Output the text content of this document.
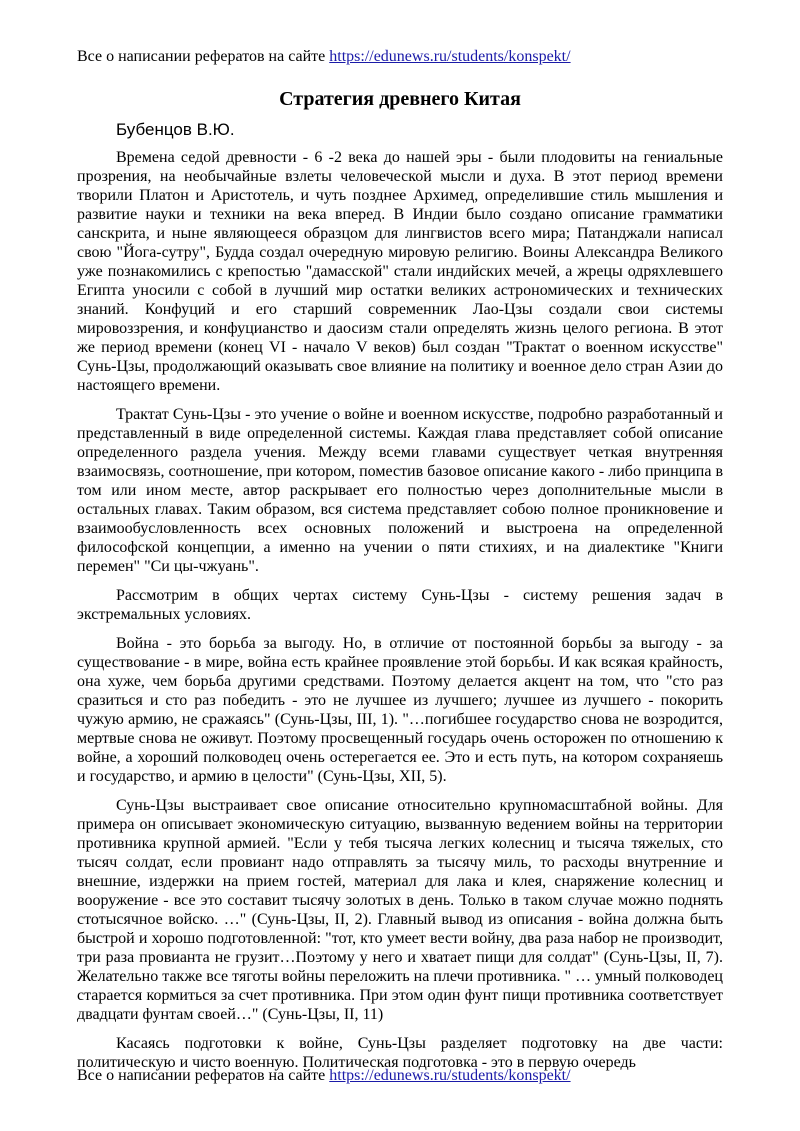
Все о написании рефератов на сайте https://edunews.ru/students/konspekt/
Стратегия древнего Китая
Бубенцов В.Ю.

Времена седой древности - 6 -2 века до нашей эры - были плодовиты на гениальные прозрения, на необычайные взлеты человеческой мысли и духа. В этот период времени творили Платон и Аристотель, и чуть позднее Архимед, определившие стиль мышления и развитие науки и техники на века вперед. В Индии было создано описание грамматики санскрита, и ныне являющееся образцом для лингвистов всего мира; Патанджали написал свою "Йога-сутру", Будда создал очередную мировую религию. Воины Александра Великого уже познакомились с крепостью "дамасской" стали индийских мечей, а жрецы одряхлевшего Египта уносили с собой в лучший мир остатки великих астрономических и технических знаний. Конфуций и его старший современник Лао-Цзы создали свои системы мировоззрения, и конфуцианство и даосизм стали определять жизнь целого региона. В этот же период времени (конец VI - начало V веков) был создан "Трактат о военном искусстве" Сунь-Цзы, продолжающий оказывать свое влияние на политику и военное дело стран Азии до настоящего времени.

Трактат Сунь-Цзы - это учение о войне и военном искусстве, подробно разработанный и представленный в виде определенной системы. Каждая глава представляет собой описание определенного раздела учения. Между всеми главами существует четкая внутренняя взаимосвязь, соотношение, при котором, поместив базовое описание какого - либо принципа в том или ином месте, автор раскрывает его полностью через дополнительные мысли в остальных главах. Таким образом, вся система представляет собою полное проникновение и взаимообусловленность всех основных положений и выстроена на определенной философской концепции, а именно на учении о пяти стихиях, и на диалектике "Книги перемен" "Си цы-чжуань".

Рассмотрим в общих чертах систему Сунь-Цзы - систему решения задач в экстремальных условиях.

Война - это борьба за выгоду. Но, в отличие от постоянной борьбы за выгоду - за существование - в мире, война есть крайнее проявление этой борьбы. И как всякая крайность, она хуже, чем борьба другими средствами. Поэтому делается акцент на том, что "сто раз сразиться и сто раз победить - это не лучшее из лучшего; лучшее из лучшего - покорить чужую армию, не сражаясь" (Сунь-Цзы, III, 1). "…погибшее государство снова не возродится, мертвые снова не оживут. Поэтому просвещенный государь очень осторожен по отношению к войне, а хороший полководец очень остерегается ее. Это и есть путь, на котором сохраняешь и государство, и армию в целости" (Сунь-Цзы, XII, 5).

Сунь-Цзы выстраивает свое описание относительно крупномасштабной войны. Для примера он описывает экономическую ситуацию, вызванную ведением войны на территории противника крупной армией. "Если у тебя тысяча легких колесниц и тысяча тяжелых, сто тысяч солдат, если провиант надо отправлять за тысячу миль, то расходы внутренние и внешние, издержки на прием гостей, материал для лака и клея, снаряжение колесниц и вооружение - все это составит тысячу золотых в день. Только в таком случае можно поднять стотысячное войско. …" (Сунь-Цзы, II, 2). Главный вывод из описания - война должна быть быстрой и хорошо подготовленной: "тот, кто умеет вести войну, два раза набор не производит, три раза провианта не грузит…Поэтому у него и хватает пищи для солдат" (Сунь-Цзы, II, 7). Желательно также все тяготы войны переложить на плечи противника. " … умный полководец старается кормиться за счет противника. При этом один фунт пищи противника соответствует двадцати фунтам своей…" (Сунь-Цзы, II, 11)

Касаясь подготовки к войне, Сунь-Цзы разделяет подготовку на две части: политическую и чисто военную. Политическая подготовка - это в первую очередь

Все о написании рефератов на сайте https://edunews.ru/students/konspekt/
